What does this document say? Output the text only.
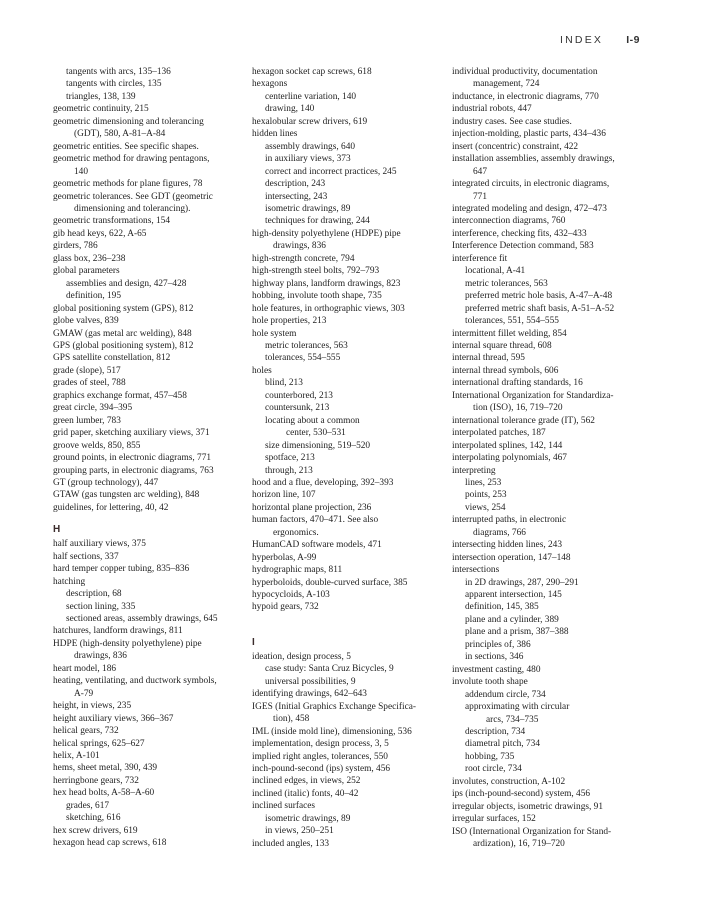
INDEX I-9
tangents with arcs, 135–136
tangents with circles, 135
triangles, 138, 139
geometric continuity, 215
geometric dimensioning and tolerancing
(GDT), 580, A-81–A-84
geometric entities. See specific shapes.
geometric method for drawing pentagons,
140
geometric methods for plane figures, 78
geometric tolerances. See GDT (geometric
dimensioning and tolerancing).
geometric transformations, 154
gib head keys, 622, A-65
girders, 786
glass box, 236–238
global parameters
assemblies and design, 427–428
definition, 195
global positioning system (GPS), 812
globe valves, 839
GMAW (gas metal arc welding), 848
GPS (global positioning system), 812
GPS satellite constellation, 812
grade (slope), 517
grades of steel, 788
graphics exchange format, 457–458
great circle, 394–395
green lumber, 783
grid paper, sketching auxiliary views, 371
groove welds, 850, 855
ground points, in electronic diagrams, 771
grouping parts, in electronic diagrams, 763
GT (group technology), 447
GTAW (gas tungsten arc welding), 848
guidelines, for lettering, 40, 42
H
half auxiliary views, 375
half sections, 337
hard temper copper tubing, 835–836
hatching
description, 68
section lining, 335
sectioned areas, assembly drawings, 645
hatchures, landform drawings, 811
HDPE (high-density polyethylene) pipe
drawings, 836
heart model, 186
heating, ventilating, and ductwork symbols,
A-79
height, in views, 235
height auxiliary views, 366–367
helical gears, 732
helical springs, 625–627
helix, A-101
hems, sheet metal, 390, 439
herringbone gears, 732
hex head bolts, A-58–A-60
grades, 617
sketching, 616
hex screw drivers, 619
hexagon head cap screws, 618
hexagon socket cap screws, 618
hexagons
centerline variation, 140
drawing, 140
hexalobular screw drivers, 619
hidden lines
assembly drawings, 640
in auxiliary views, 373
correct and incorrect practices, 245
description, 243
intersecting, 243
isometric drawings, 89
techniques for drawing, 244
high-density polyethylene (HDPE) pipe
drawings, 836
high-strength concrete, 794
high-strength steel bolts, 792–793
highway plans, landform drawings, 823
hobbing, involute tooth shape, 735
hole features, in orthographic views, 303
hole properties, 213
hole system
metric tolerances, 563
tolerances, 554–555
holes
blind, 213
counterbored, 213
countersunk, 213
locating about a common
center, 530–531
size dimensioning, 519–520
spotface, 213
through, 213
hood and a flue, developing, 392–393
horizon line, 107
horizontal plane projection, 236
human factors, 470–471. See also
ergonomics.
HumanCAD software models, 471
hyperbolas, A-99
hydrographic maps, 811
hyperboloids, double-curved surface, 385
hypocycloids, A-103
hypoid gears, 732
I
ideation, design process, 5
case study: Santa Cruz Bicycles, 9
universal possibilities, 9
identifying drawings, 642–643
IGES (Initial Graphics Exchange Specifica-
tion), 458
IML (inside mold line), dimensioning, 536
implementation, design process, 3, 5
implied right angles, tolerances, 550
inch-pound-second (ips) system, 456
inclined edges, in views, 252
inclined (italic) fonts, 40–42
inclined surfaces
isometric drawings, 89
in views, 250–251
included angles, 133
individual productivity, documentation
management, 724
inductance, in electronic diagrams, 770
industrial robots, 447
industry cases. See case studies.
injection-molding, plastic parts, 434–436
insert (concentric) constraint, 422
installation assemblies, assembly drawings,
647
integrated circuits, in electronic diagrams,
771
integrated modeling and design, 472–473
interconnection diagrams, 760
interference, checking fits, 432–433
Interference Detection command, 583
interference fit
locational, A-41
metric tolerances, 563
preferred metric hole basis, A-47–A-48
preferred metric shaft basis, A-51–A-52
tolerances, 551, 554–555
intermittent fillet welding, 854
internal square thread, 608
internal thread, 595
internal thread symbols, 606
international drafting standards, 16
International Organization for Standardiza-
tion (ISO), 16, 719–720
international tolerance grade (IT), 562
interpolated patches, 187
interpolated splines, 142, 144
interpolating polynomials, 467
interpreting
lines, 253
points, 253
views, 254
interrupted paths, in electronic
diagrams, 766
intersecting hidden lines, 243
intersection operation, 147–148
intersections
in 2D drawings, 287, 290–291
apparent intersection, 145
definition, 145, 385
plane and a cylinder, 389
plane and a prism, 387–388
principles of, 386
in sections, 346
investment casting, 480
involute tooth shape
addendum circle, 734
approximating with circular
arcs, 734–735
description, 734
diametral pitch, 734
hobbing, 735
root circle, 734
involutes, construction, A-102
ips (inch-pound-second) system, 456
irregular objects, isometric drawings, 91
irregular surfaces, 152
ISO (International Organization for Stand-
ardization), 16, 719–720
